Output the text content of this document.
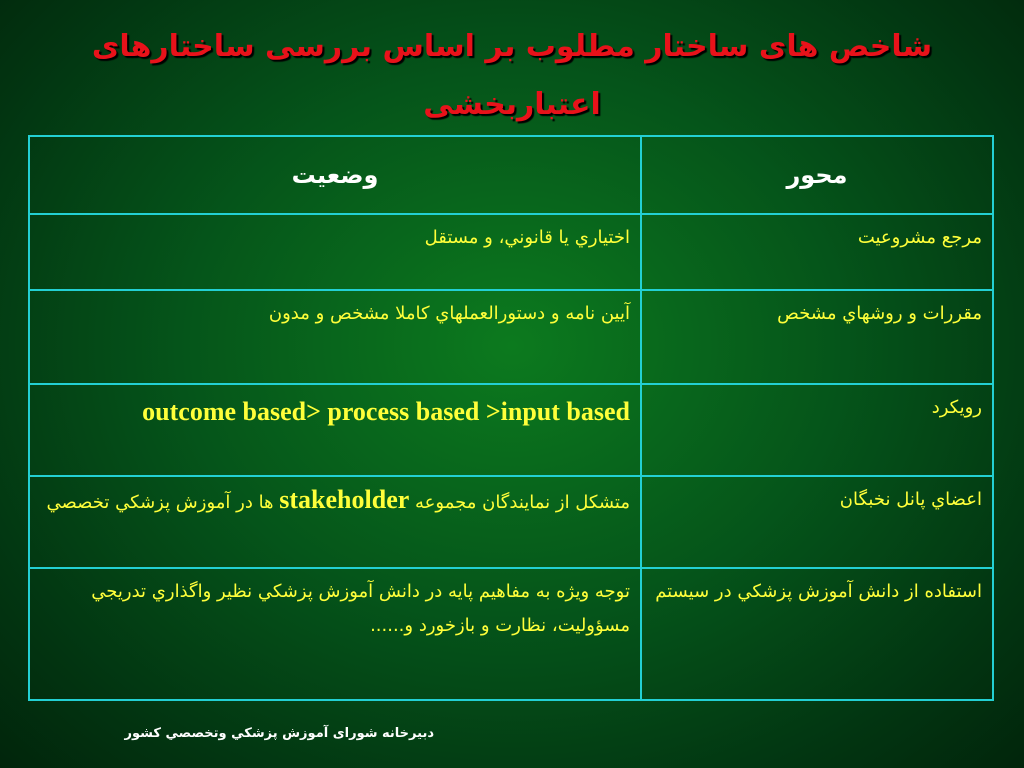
شاخص های ساختار مطلوب بر اساس بررسی ساختارهای
اعتباربخشی
محور	وضعيت
مرجع مشروعيت	اختياري يا قانوني، و مستقل
مقررات و روشهاي مشخص	آيين نامه و دستورالعملهاي كاملا مشخص و مدون
رويكرد	outcome based> process based >input based
اعضاي پانل نخبگان	متشكل از نمايندگان مجموعه stakeholder ها در آموزش پزشكي تخصصي
استفاده از دانش آموزش پزشكي در سيستم	توجه ويژه به مفاهيم پايه در دانش آموزش پزشكي نظير واگذاري تدريجي مسؤوليت، نظارت و بازخورد و......
دبيرخانه شورای آموزش پزشكي وتخصصي كشور
